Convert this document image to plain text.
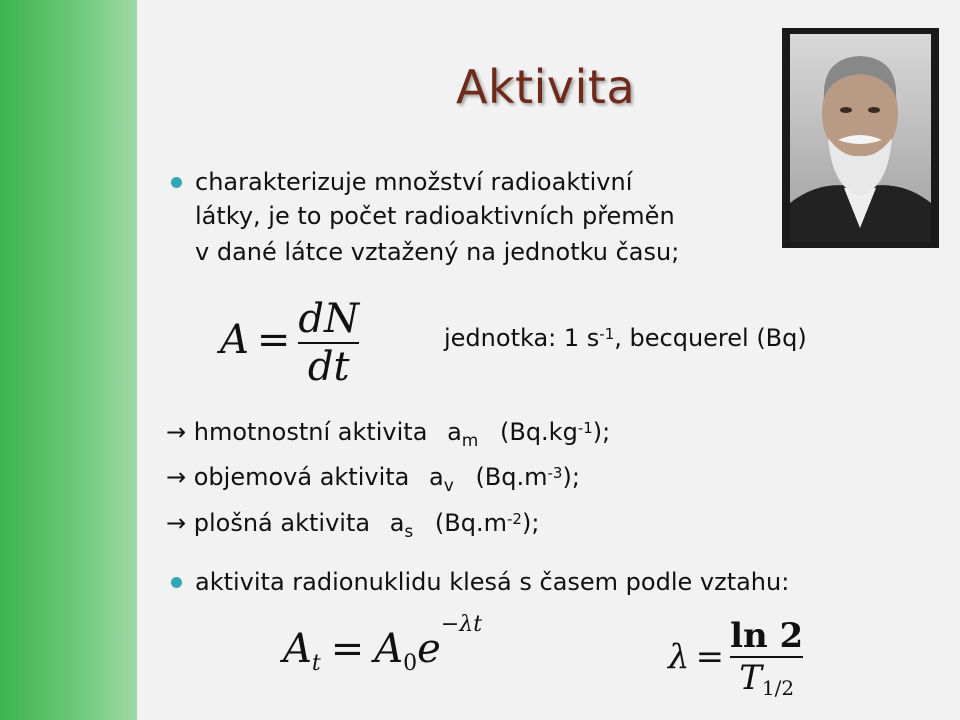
Aktivita
charakterizuje množství radioaktivní
látky, je to počet radioaktivních přeměn
v dané látce vztažený na jednotku času;
$A = \frac{dN}{dt}$	jednotka: 1 $s^{-1}$, becquerel (Bq)
→ hmotnostní aktivita $a_m$ $(Bq.kg^{-1})$;
→ objemová aktivita $a_v$ $(Bq.m^{-3})$;
→ plošná aktivita $a_s$ $(Bq.m^{-2})$;
aktivita radionuklidu klesá s časem podle vztahu:
$A_t = A_0e^{-\lambda t}$
$\lambda = \frac{\ln 2}{T_{1/2}}$
